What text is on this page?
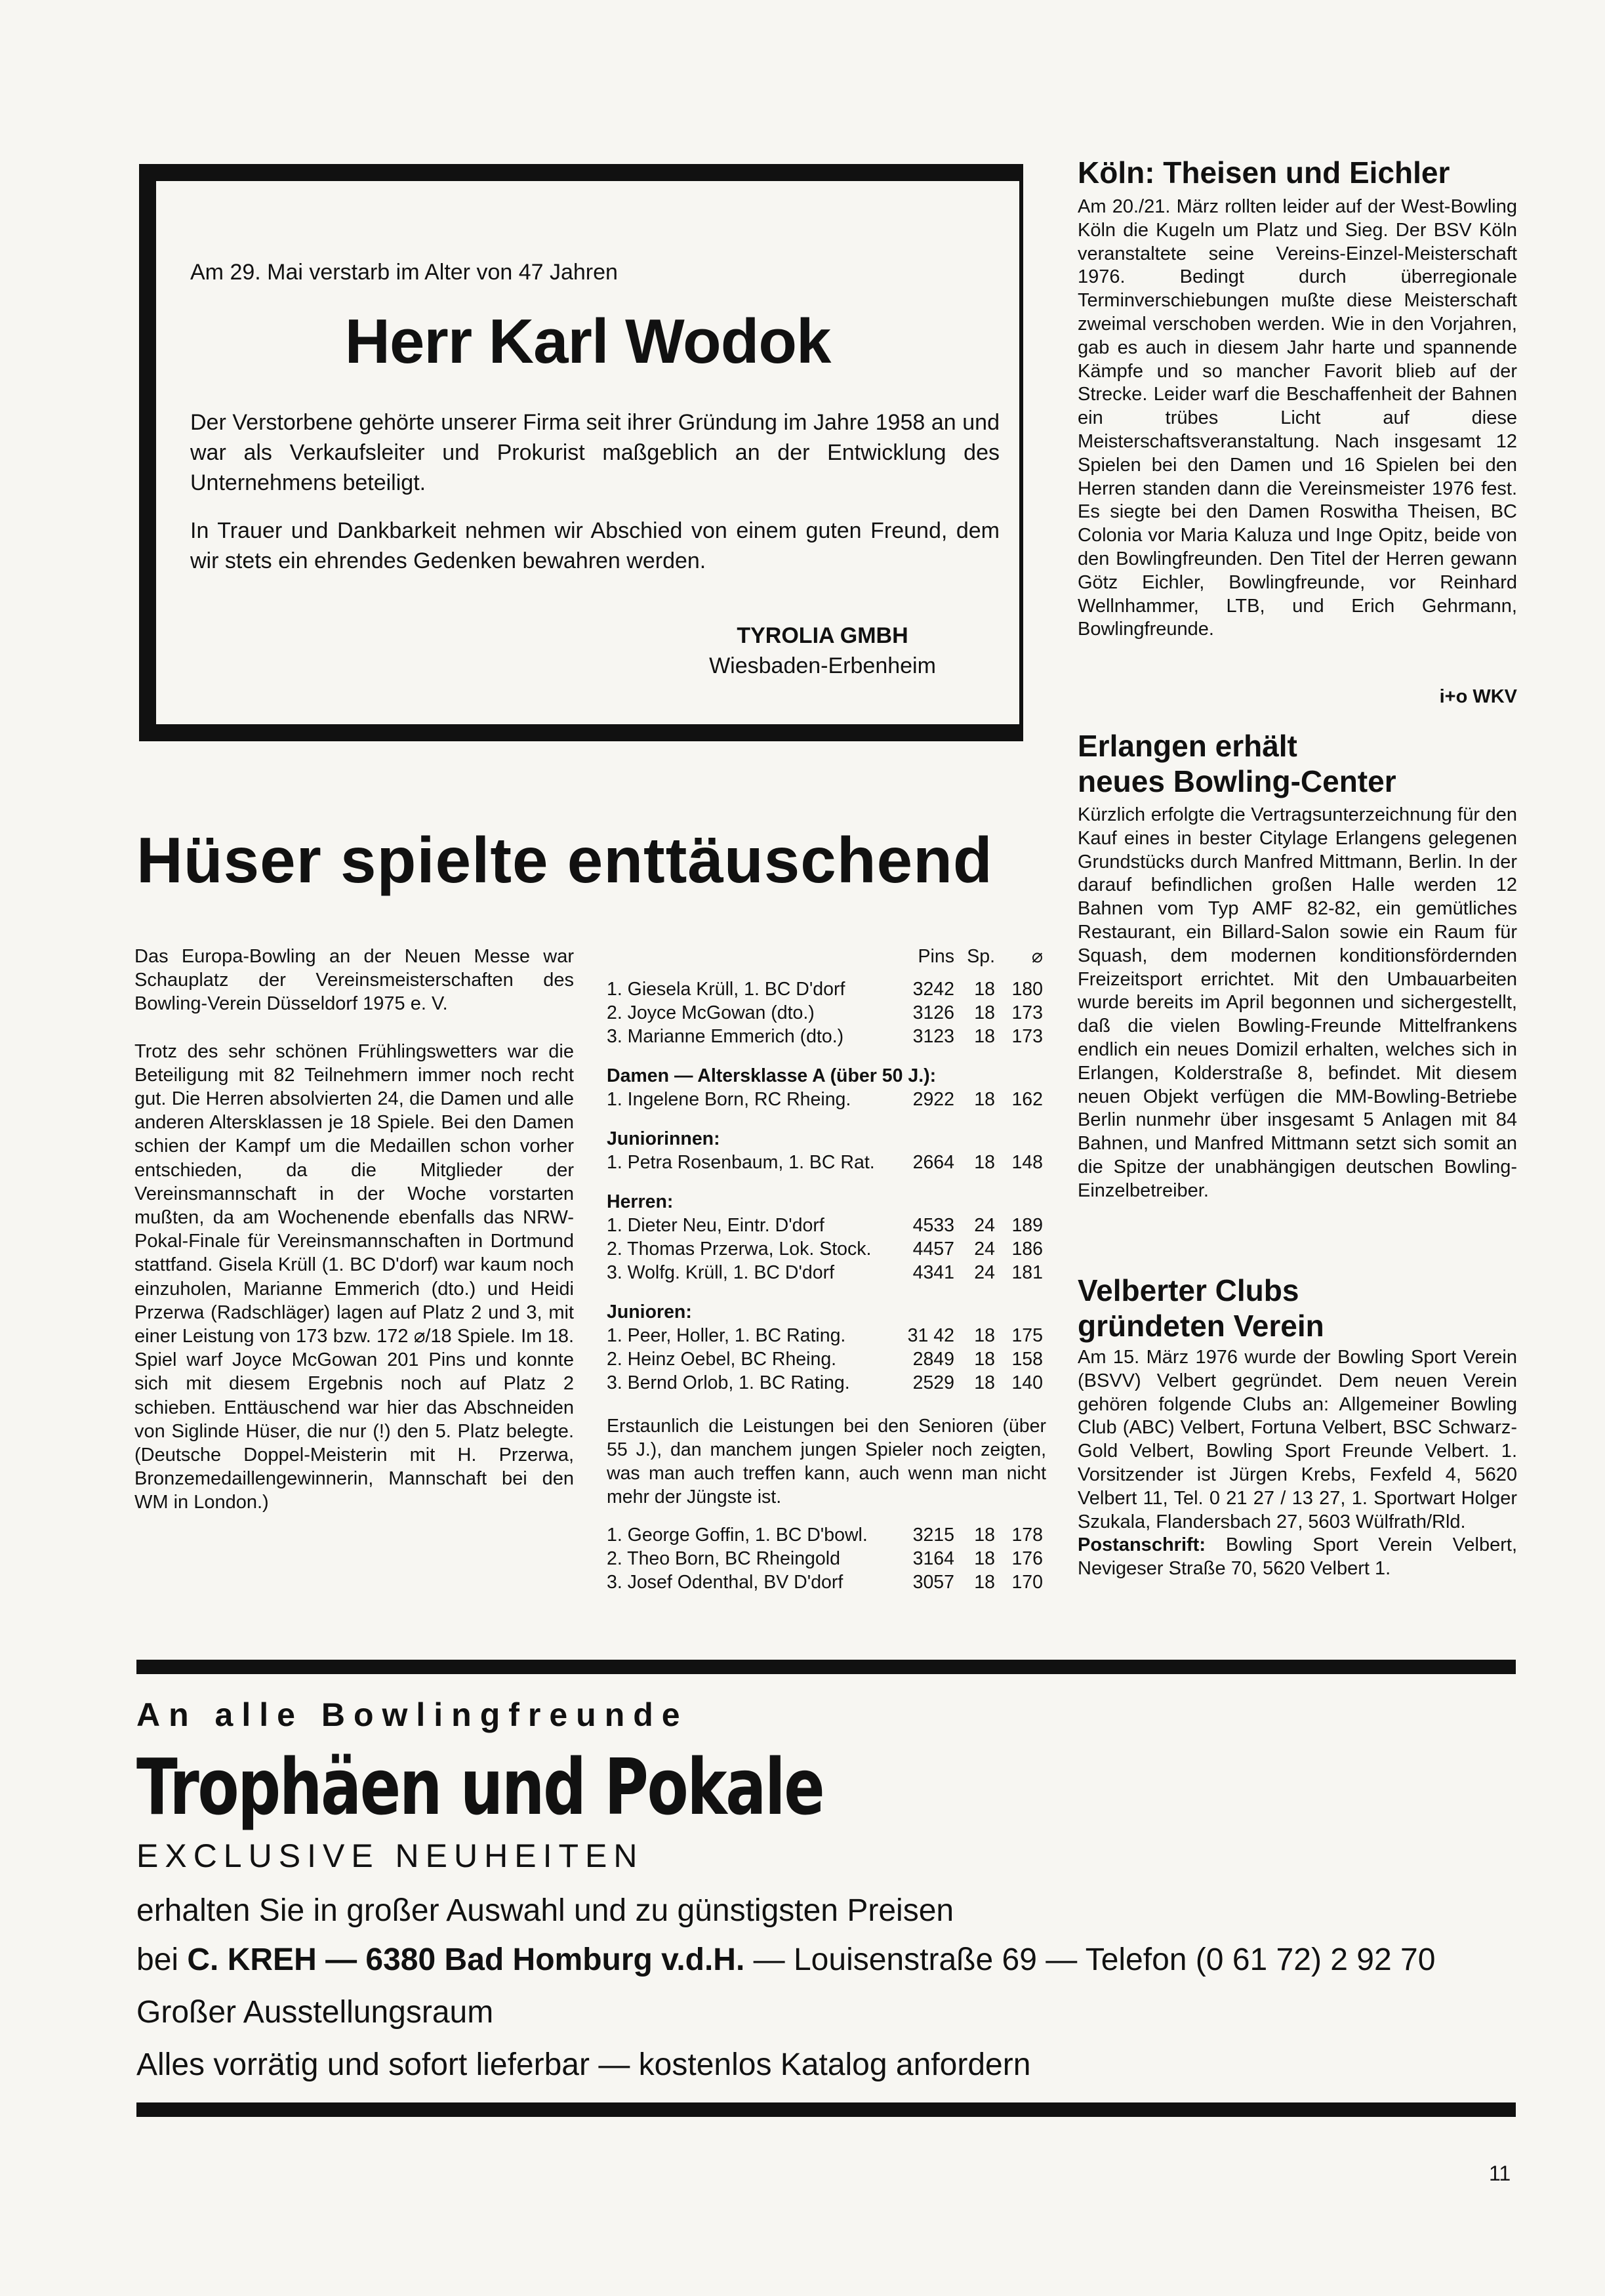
Am 29. Mai verstarb im Alter von 47 Jahren
Herr Karl Wodok
Der Verstorbene gehörte unserer Firma seit ihrer Gründung im Jahre 1958 an und war als Verkaufsleiter und Prokurist maßgeblich an der Entwicklung des Unternehmens beteiligt.
In Trauer und Dankbarkeit nehmen wir Abschied von einem guten Freund, dem wir stets ein ehrendes Gedenken bewahren werden.
TYROLIA GMBH
Wiesbaden-Erbenheim
Köln: Theisen und Eichler
Am 20./21. März rollten leider auf der West-Bowling Köln die Kugeln um Platz und Sieg. Der BSV Köln veranstaltete seine Vereins-Einzel-Meisterschaft 1976. Bedingt durch überregionale Terminverschiebungen mußte diese Meisterschaft zweimal verschoben werden. Wie in den Vorjahren, gab es auch in diesem Jahr harte und spannende Kämpfe und so mancher Favorit blieb auf der Strecke. Leider warf die Beschaffenheit der Bahnen ein trübes Licht auf diese Meisterschaftsveranstaltung. Nach insgesamt 12 Spielen bei den Damen und 16 Spielen bei den Herren standen dann die Vereinsmeister 1976 fest. Es siegte bei den Damen Roswitha Theisen, BC Colonia vor Maria Kaluza und Inge Opitz, beide von den Bowlingfreunden. Den Titel der Herren gewann Götz Eichler, Bowlingfreunde, vor Reinhard Wellnhammer, LTB, und Erich Gehrmann, Bowlingfreunde.
i+o WKV
Erlangen erhält
neues Bowling-Center
Kürzlich erfolgte die Vertragsunterzeichnung für den Kauf eines in bester Citylage Erlangens gelegenen Grundstücks durch Manfred Mittmann, Berlin. In der darauf befindlichen großen Halle werden 12 Bahnen vom Typ AMF 82-82, ein gemütliches Restaurant, ein Billard-Salon sowie ein Raum für Squash, dem modernen konditionsfördernden Freizeitsport errichtet. Mit den Umbauarbeiten wurde bereits im April begonnen und sichergestellt, daß die vielen Bowling-Freunde Mittelfrankens endlich ein neues Domizil erhalten, welches sich in Erlangen, Kolderstraße 8, befindet. Mit diesem neuen Objekt verfügen die MM-Bowling-Betriebe Berlin nunmehr über insgesamt 5 Anlagen mit 84 Bahnen, und Manfred Mittmann setzt sich somit an die Spitze der unabhängigen deutschen Bowling-Einzelbetreiber.
Velberter Clubs
gründeten Verein
Am 15. März 1976 wurde der Bowling Sport Verein (BSVV) Velbert gegründet. Dem neuen Verein gehören folgende Clubs an: Allgemeiner Bowling Club (ABC) Velbert, Fortuna Velbert, BSC Schwarz-Gold Velbert, Bowling Sport Freunde Velbert. 1. Vorsitzender ist Jürgen Krebs, Fexfeld 4, 5620 Velbert 11, Tel. 0 21 27 / 13 27, 1. Sportwart Holger Szukala, Flandersbach 27, 5603 Wülfrath/Rld.
Postanschrift: Bowling Sport Verein Velbert, Nevigeser Straße 70, 5620 Velbert 1.
Hüser spielte enttäuschend

Das Europa-Bowling an der Neuen Messe war Schauplatz der Vereinsmeisterschaften des Bowling-Verein Düsseldorf 1975 e. V.

Trotz des sehr schönen Frühlingswetters war die Beteiligung mit 82 Teilnehmern immer noch recht gut. Die Herren absolvierten 24, die Damen und alle anderen Altersklassen je 18 Spiele. Bei den Damen schien der Kampf um die Medaillen schon vorher entschieden, da die Mitglieder der Vereinsmannschaft in der Woche vorstarten mußten, da am Wochenende ebenfalls das NRW-Pokal-Finale für Vereinsmannschaften in Dortmund stattfand. Gisela Krüll (1. BC D'dorf) war kaum noch einzuholen, Marianne Emmerich (dto.) und Heidi Przerwa (Radschläger) lagen auf Platz 2 und 3, mit einer Leistung von 173 bzw. 172 ⌀/18 Spiele. Im 18. Spiel warf Joyce McGowan 201 Pins und konnte sich mit diesem Ergebnis noch auf Platz 2 schieben. Enttäuschend war hier das Abschneiden von Siglinde Hüser, die nur (!) den 5. Platz belegte. (Deutsche Doppel-Meisterin mit H. Przerwa, Bronzemedaillengewinnerin, Mannschaft bei den WM in London.)

Pins Sp. ⌀
1. Giesela Krüll, 1. BC D'dorf	3242 18 180
2. Joyce McGowan (dto.)	3126 18 173
3. Marianne Emmerich (dto.)	3123 18 173
Damen — Altersklasse A (über 50 J.):
1. Ingelene Born, RC Rheing.	2922 18 162
Juniorinnen:
1. Petra Rosenbaum, 1. BC Rat. 2664 18 148
Herren:
1. Dieter Neu, Eintr. D'dorf	4533 24 189
2. Thomas Przerwa, Lok. Stock. 4457 24 186
3. Wolfg. Krüll, 1. BC D'dorf	4341 24 181
Junioren:
1. Peer, Holler, 1. BC Rating.	31 42 18 175
2. Heinz Oebel, BC Rheing.	2849 18 158
3. Bernd Orlob, 1. BC Rating.	2529 18 140
Erstaunlich die Leistungen bei den Senioren (über 55 J.), dan manchem jungen Spieler noch zeigten, was man auch treffen kann, auch wenn man nicht mehr der Jüngste ist.
1. George Goffin, 1. BC D'bowl. 3215 18 178
2. Theo Born, BC Rheingold	3164 18 176
3. Josef Odenthal, BV D'dorf	3057 18 170
An alle Bowlingfreunde
Trophäen und Pokale
EXCLUSIVE NEUHEITEN
erhalten Sie in großer Auswahl und zu günstigsten Preisen
bei C. KREH — 6380 Bad Homburg v.d.H. — Louisenstraße 69 — Telefon (0 61 72) 2 92 70
Großer Ausstellungsraum
Alles vorrätig und sofort lieferbar — kostenlos Katalog anfordern
11
